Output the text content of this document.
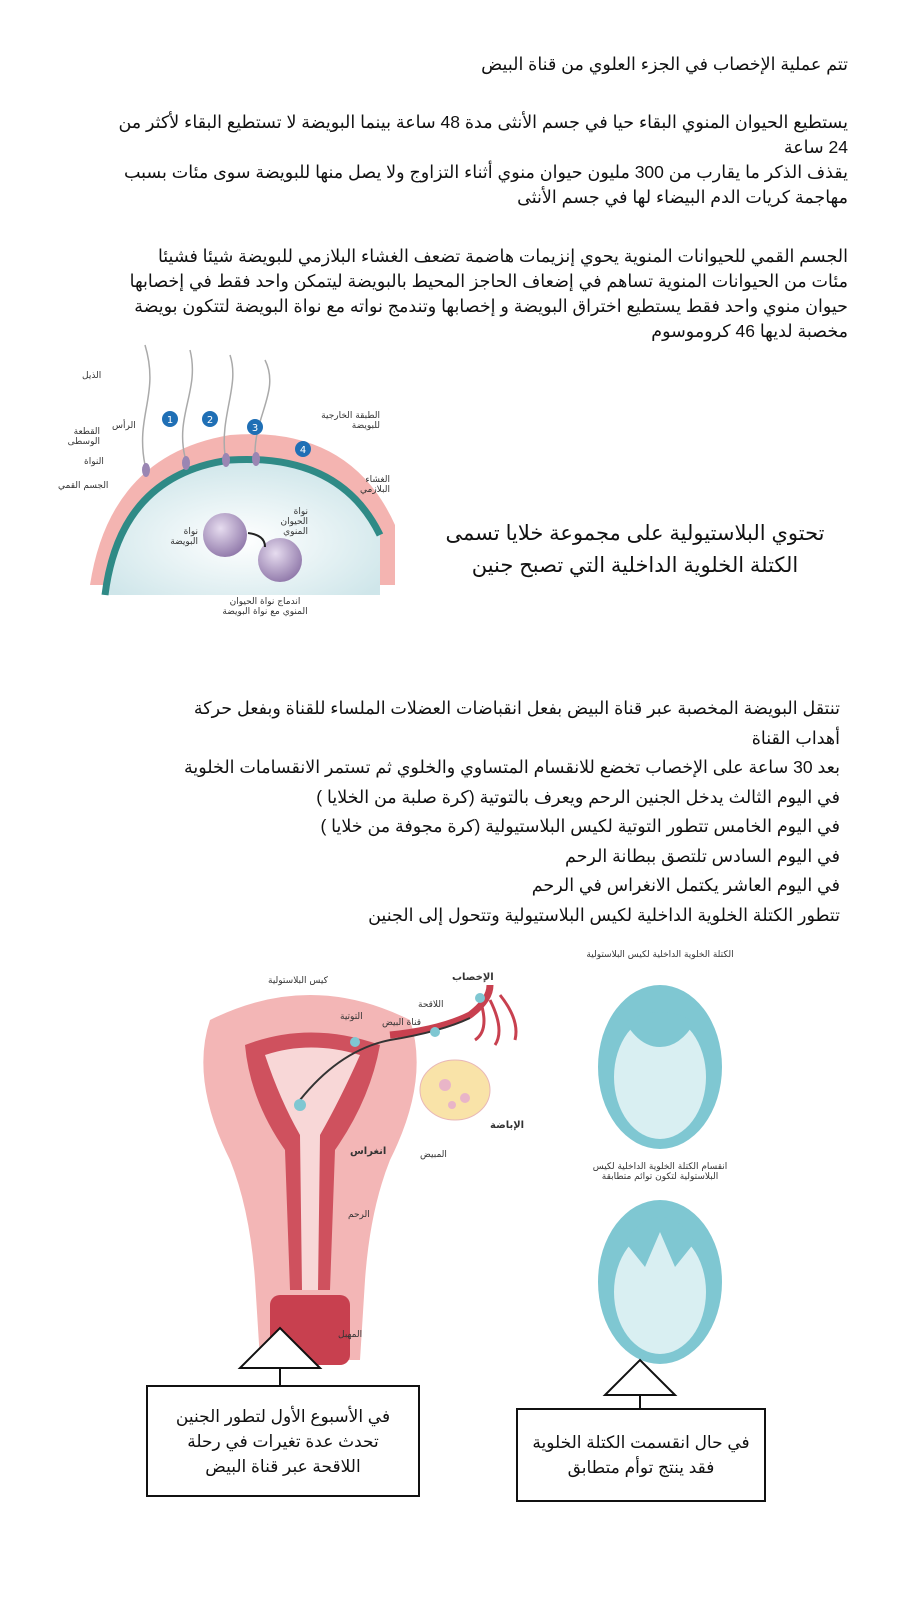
تتم عملية الإخصاب في الجزء العلوي من قناة البيض

يستطيع الحيوان المنوي البقاء حيا في جسم الأنثى مدة 48 ساعة بينما البويضة لا تستطيع البقاء لأكثر من
24 ساعة
يقذف الذكر ما يقارب من 300 مليون حيوان منوي أثناء التزاوج ولا يصل منها للبويضة سوى مئات بسبب
مهاجمة كريات الدم البيضاء لها في جسم الأنثى

الجسم القمي للحيوانات المنوية يحوي إنزيمات هاضمة تضعف الغشاء البلازمي للبويضة شيئا فشيئا
مئات من الحيوانات المنوية تساهم في إضعاف الحاجز المحيط بالبويضة ليتمكن واحد فقط في إخصابها
حيوان منوي واحد فقط يستطيع اختراق البويضة و إخصابها وتندمج نواته مع نواة البويضة لتتكون بويضة
مخصبة لديها 46 كروموسوم

1	2
3
4
الذيل
الرأس
القطعة الوسطى
النواة
الجسم القمي
الطبقة الخارجية للبويضة
الغشاء البلازمي
نواة الحيوان المنوي
نواة البويضة
اندماج نواة الحيوان المنوي مع نواة البويضة
تحتوي البلاستيولية على مجموعة خلايا تسمى
الكتلة الخلوية الداخلية التي تصبح جنين

تنتقل البويضة المخصبة عبر قناة البيض بفعل انقباضات العضلات الملساء للقناة وبفعل حركة
أهداب القناة
بعد 30 ساعة على الإخصاب تخضع للانقسام المتساوي والخلوي ثم تستمر الانقسامات الخلوية
في اليوم الثالث يدخل الجنين الرحم ويعرف بالتوتية (كرة صلبة من الخلايا )
في اليوم الخامس تتطور التوتية لكيس البلاستيولية (كرة مجوفة من خلايا )
في اليوم السادس تلتصق ببطانة الرحم
في اليوم العاشر يكتمل الانغراس في الرحم
تتطور الكتلة الخلوية الداخلية لكيس البلاستيولية وتتحول إلى الجنين

كيس البلاستولية	الإخصاب
التوتية
اللاقحة
قناة البيض
الإباضة
انغراس	المبيض
الرحم
المهبل
الكتلة الخلوية الداخلية لكيس البلاستولية
انقسام الكتلة الخلوية الداخلية لكيس البلاستولية لتكون توائم متطابقة
في الأسبوع الأول لتطور الجنين
تحدث عدة تغيرات في رحلة
اللاقحة عبر قناة البيض
في حال انقسمت الكتلة الخلوية
فقد ينتج توأم متطابق
